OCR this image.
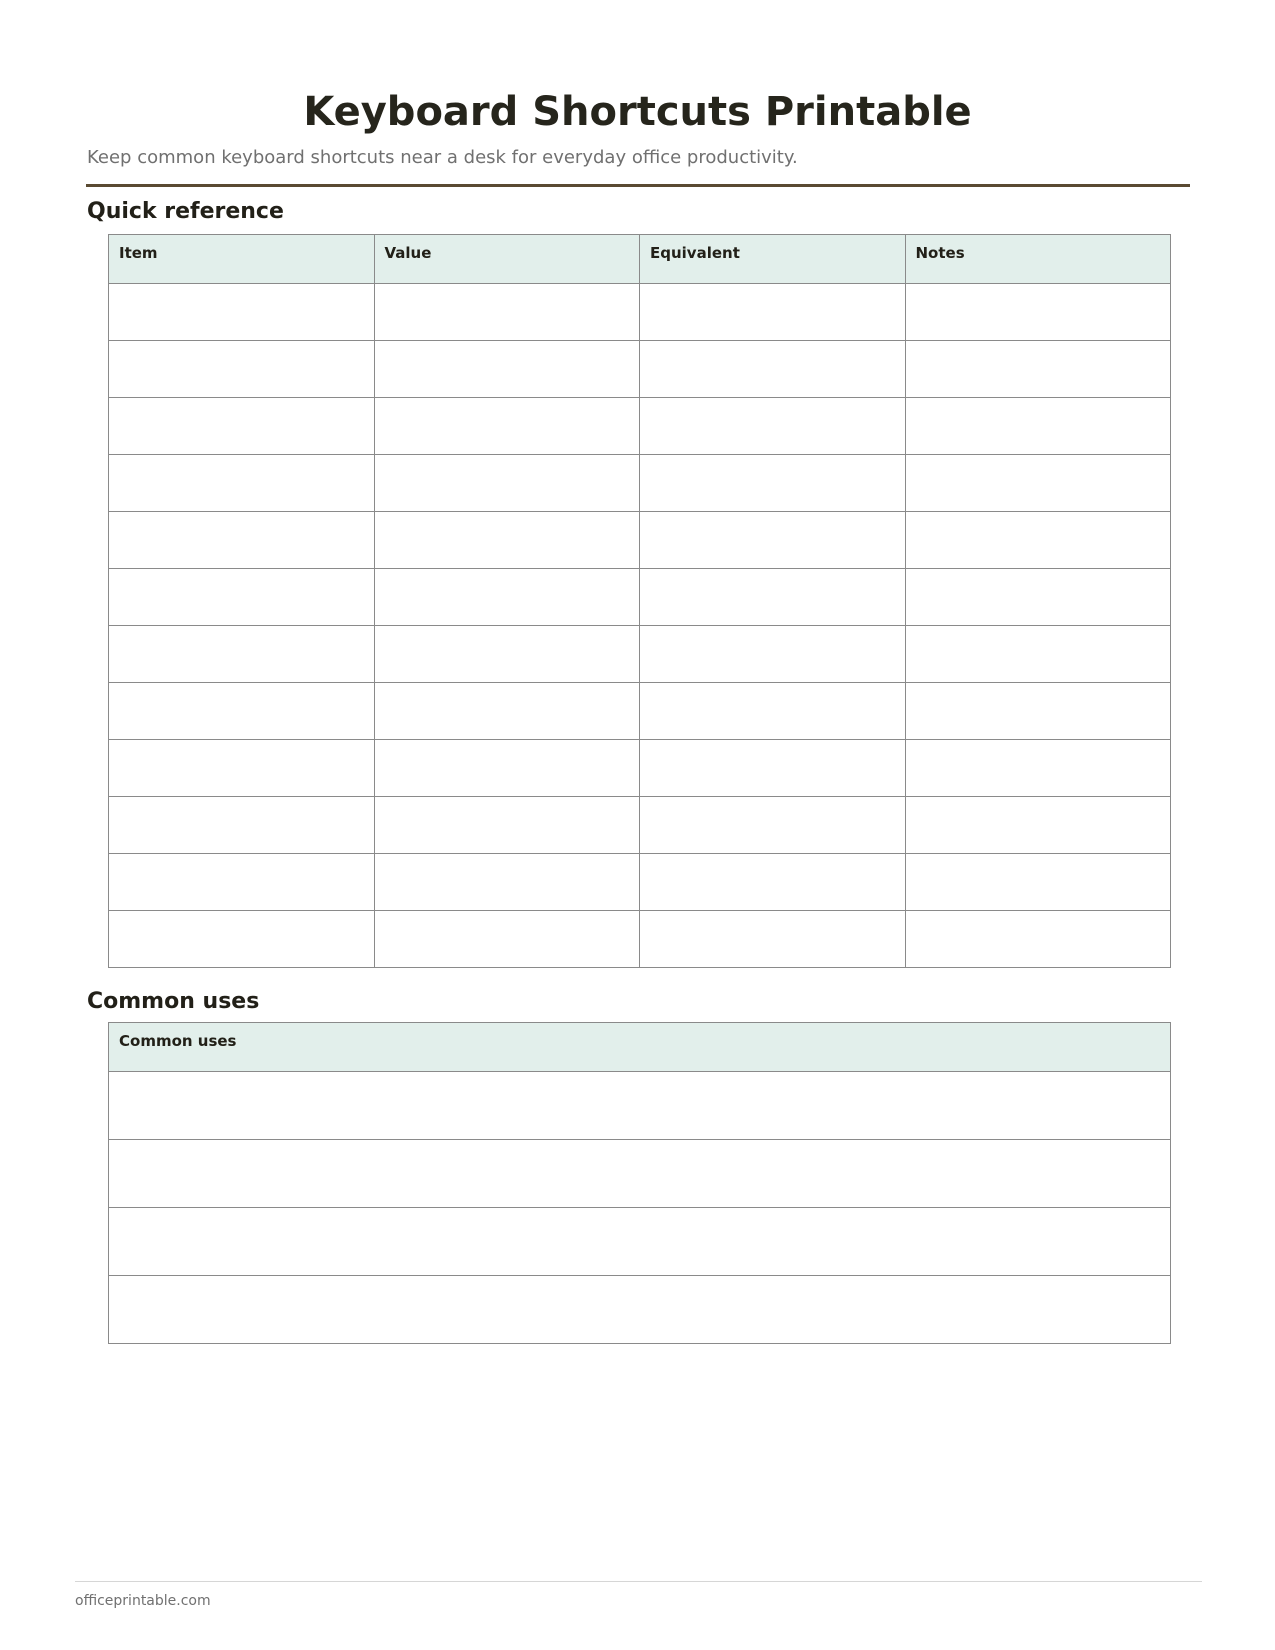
Keyboard Shortcuts Printable

Keep common keyboard shortcuts near a desk for everyday office productivity.

Quick reference
Item	Value	Equivalent	Notes

Common uses
Common uses

officeprintable.com
